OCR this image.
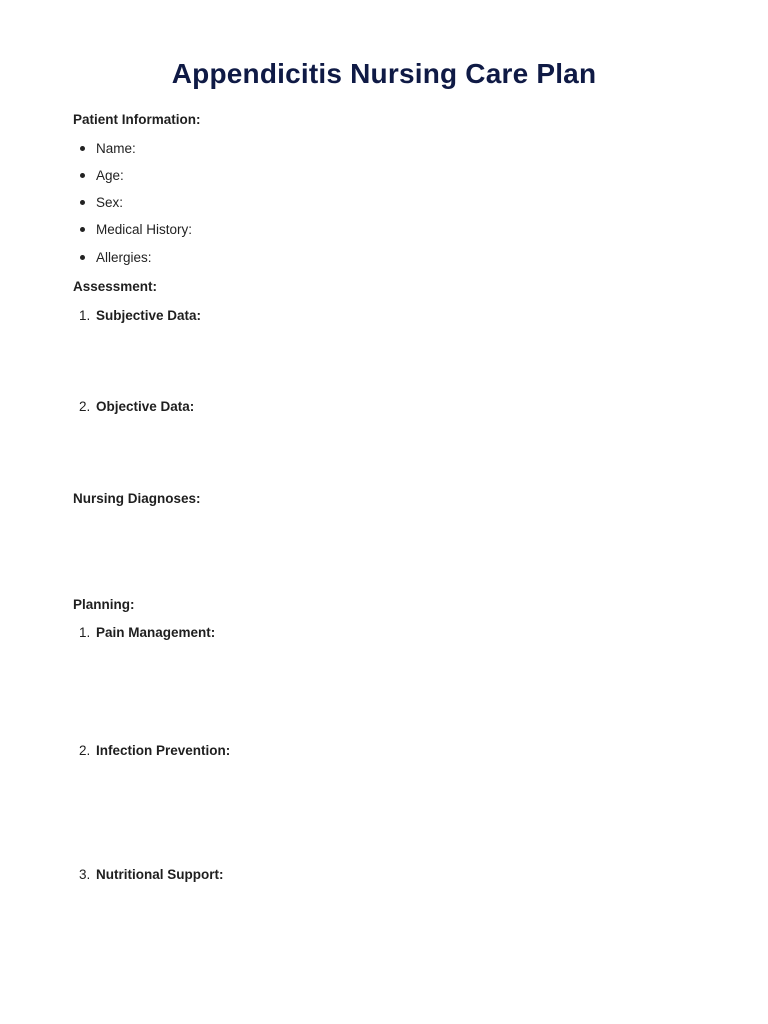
Appendicitis Nursing Care Plan
Patient Information:
Name:
Age:
Sex:
Medical History:
Allergies:
Assessment:
1. Subjective Data:
2. Objective Data:
Nursing Diagnoses:
Planning:
1. Pain Management:
2. Infection Prevention:
3. Nutritional Support:
